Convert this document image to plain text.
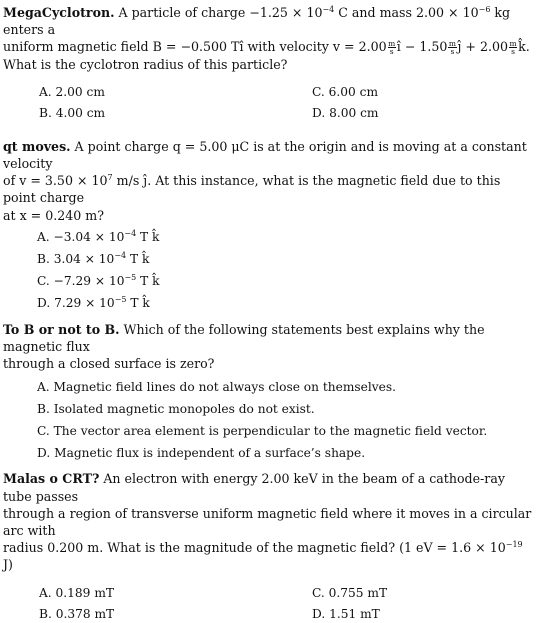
MegaCyclotron. A particle of charge $-1.25 \times 10^{-4}$ C and mass $2.00 \times 10^{-6}$ kg enters a
uniform magnetic field B = −0.500 Tî with velocity $v = 2.00 \frac{m}{s}$ î − $1.50 \frac{m}{s}$ ĵ + $2.00 \frac{m}{s}$ k̂.
What is the cyclotron radius of this particle?

A. 2.00 cm
B. 4.00 cm
C. 6.00 cm
D. 8.00 cm

qt moves. A point charge q = 5.00 μC is at the origin and is moving at a constant velocity
of $v = 3.50 \times 10^7$ m/s ĵ. At this instance, what is the magnetic field due to this point charge
at x = 0.240 m?

A. $-3.04 \times 10^{-4}$ T k̂
B. $3.04 \times 10^{-4}$ T k̂
C. $-7.29 \times 10^{-5}$ T k̂
D. $7.29 \times 10^{-5}$ T k̂

To B or not to B. Which of the following statements best explains why the magnetic flux
through a closed surface is zero?

A. Magnetic field lines do not always close on themselves.
B. Isolated magnetic monopoles do not exist.
C. The vector area element is perpendicular to the magnetic field vector.
D. Magnetic flux is independent of a surface’s shape.

Malas o CRT? An electron with energy 2.00 keV in the beam of a cathode-ray tube passes
through a region of transverse uniform magnetic field where it moves in a circular arc with
radius 0.200 m. What is the magnitude of the magnetic field? (1 eV = $1.6 \times 10^{-19}$ J)

A. 0.189 mT
B. 0.378 mT
C. 0.755 mT
D. 1.51 mT
